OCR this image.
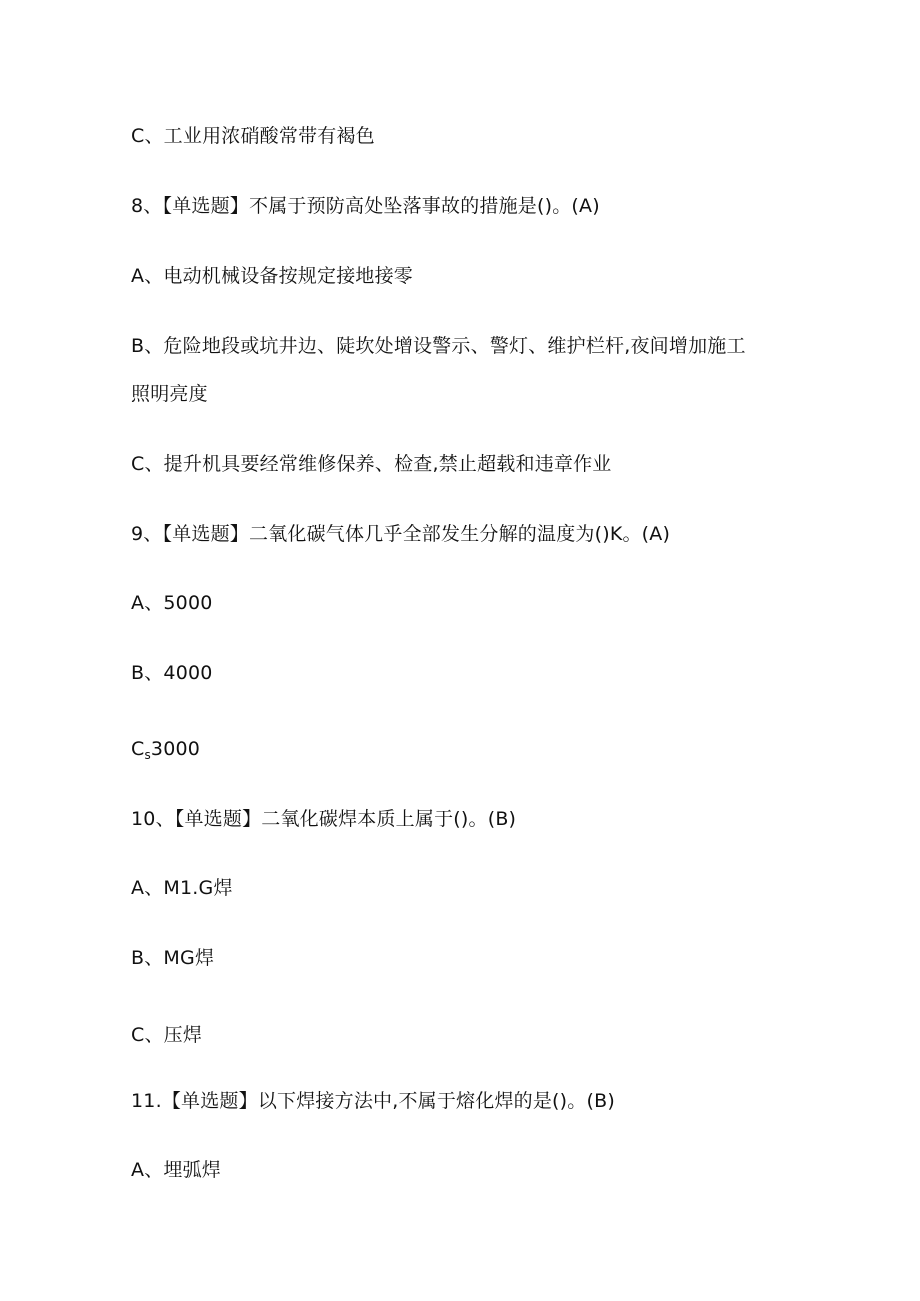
C、工业用浓硝酸常带有褐色
8、【单选题】不属于预防高处坠落事故的措施是()。(A)
A、电动机械设备按规定接地接零
B、危险地段或坑井边、陡坎处增设警示、警灯、维护栏杆,夜间增加施工
照明亮度
C、提升机具要经常维修保养、检查,禁止超载和违章作业
9、【单选题】二氧化碳气体几乎全部发生分解的温度为()K。(A)
A、5000
B、4000
$C_s3000$
10、【单选题】二氧化碳焊本质上属于()。(B)
A、M1.G焊
B、MG焊
C、压焊
11.【单选题】以下焊接方法中,不属于熔化焊的是()。(B)
A、埋弧焊
